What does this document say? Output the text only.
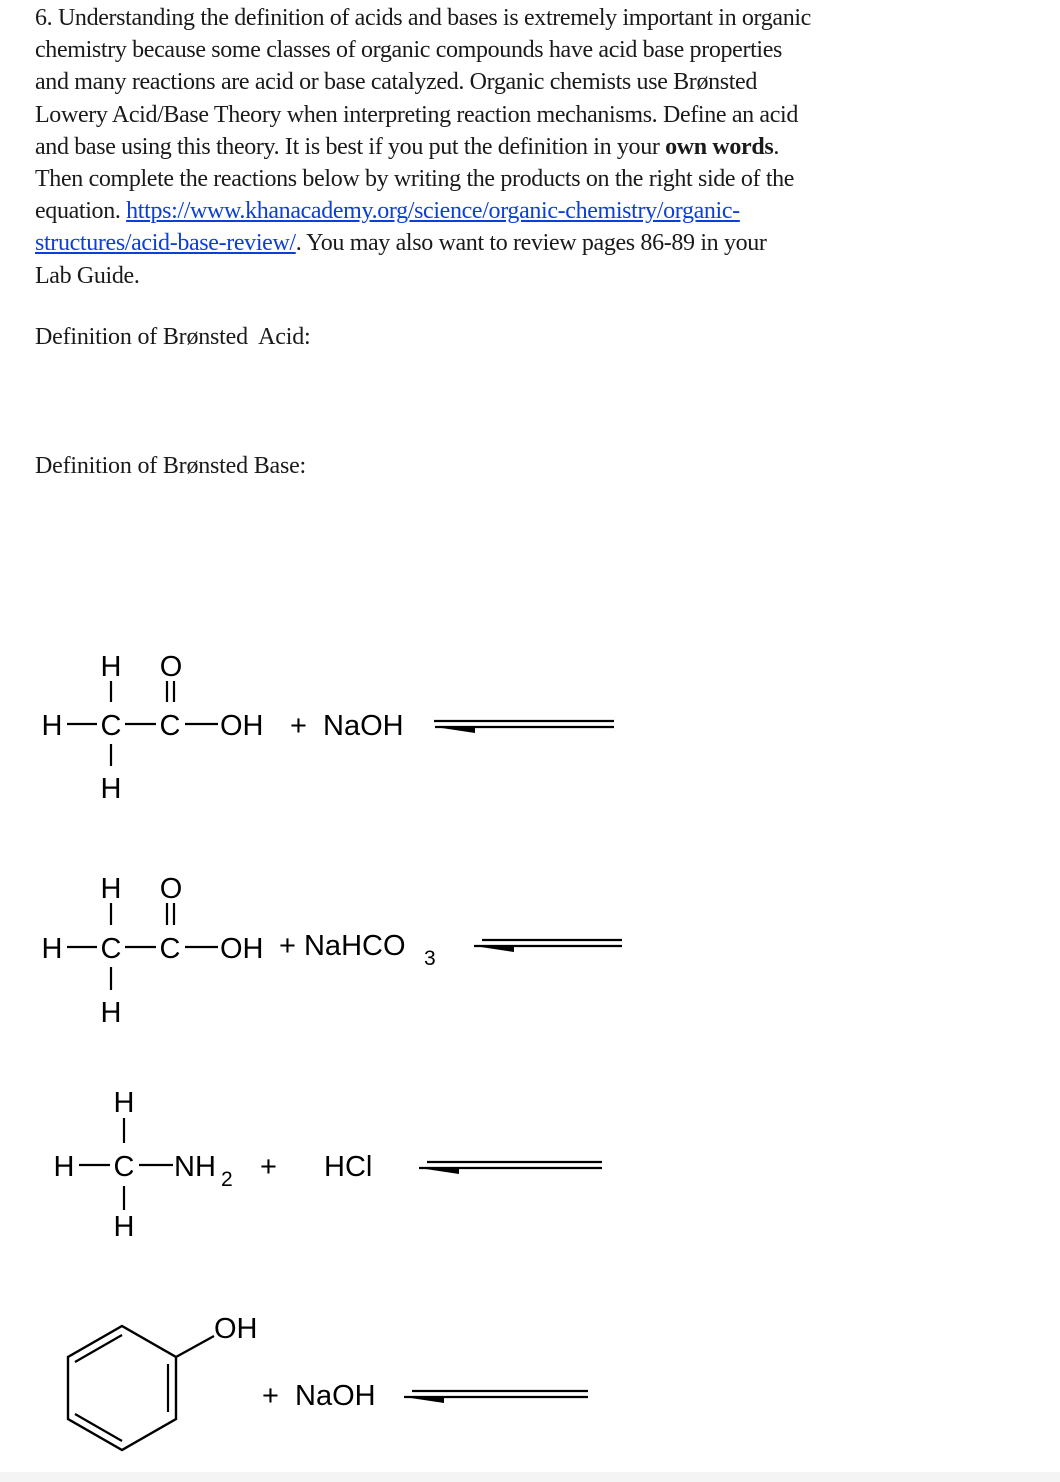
6. Understanding the definition of acids and bases is extremely important in organic
chemistry because some classes of organic compounds have acid base properties
and many reactions are acid or base catalyzed. Organic chemists use Brønsted
Lowery Acid/Base Theory when interpreting reaction mechanisms. Define an acid
and base using this theory. It is best if you put the definition in your own words.
Then complete the reactions below by writing the products on the right side of the
equation. https://www.khanacademy.org/science/organic-chemistry/organic-
structures/acid-base-review/. You may also want to review pages 86-89 in your
Lab Guide.
Definition of Brønsted  Acid:
Definition of Brønsted Base:
H O
H C C OH
H
+  NaOH
H O
H C C OH
H
+ NaHCO 3
H
H C NH 2
H
+ HCl
OH
+  NaOH
